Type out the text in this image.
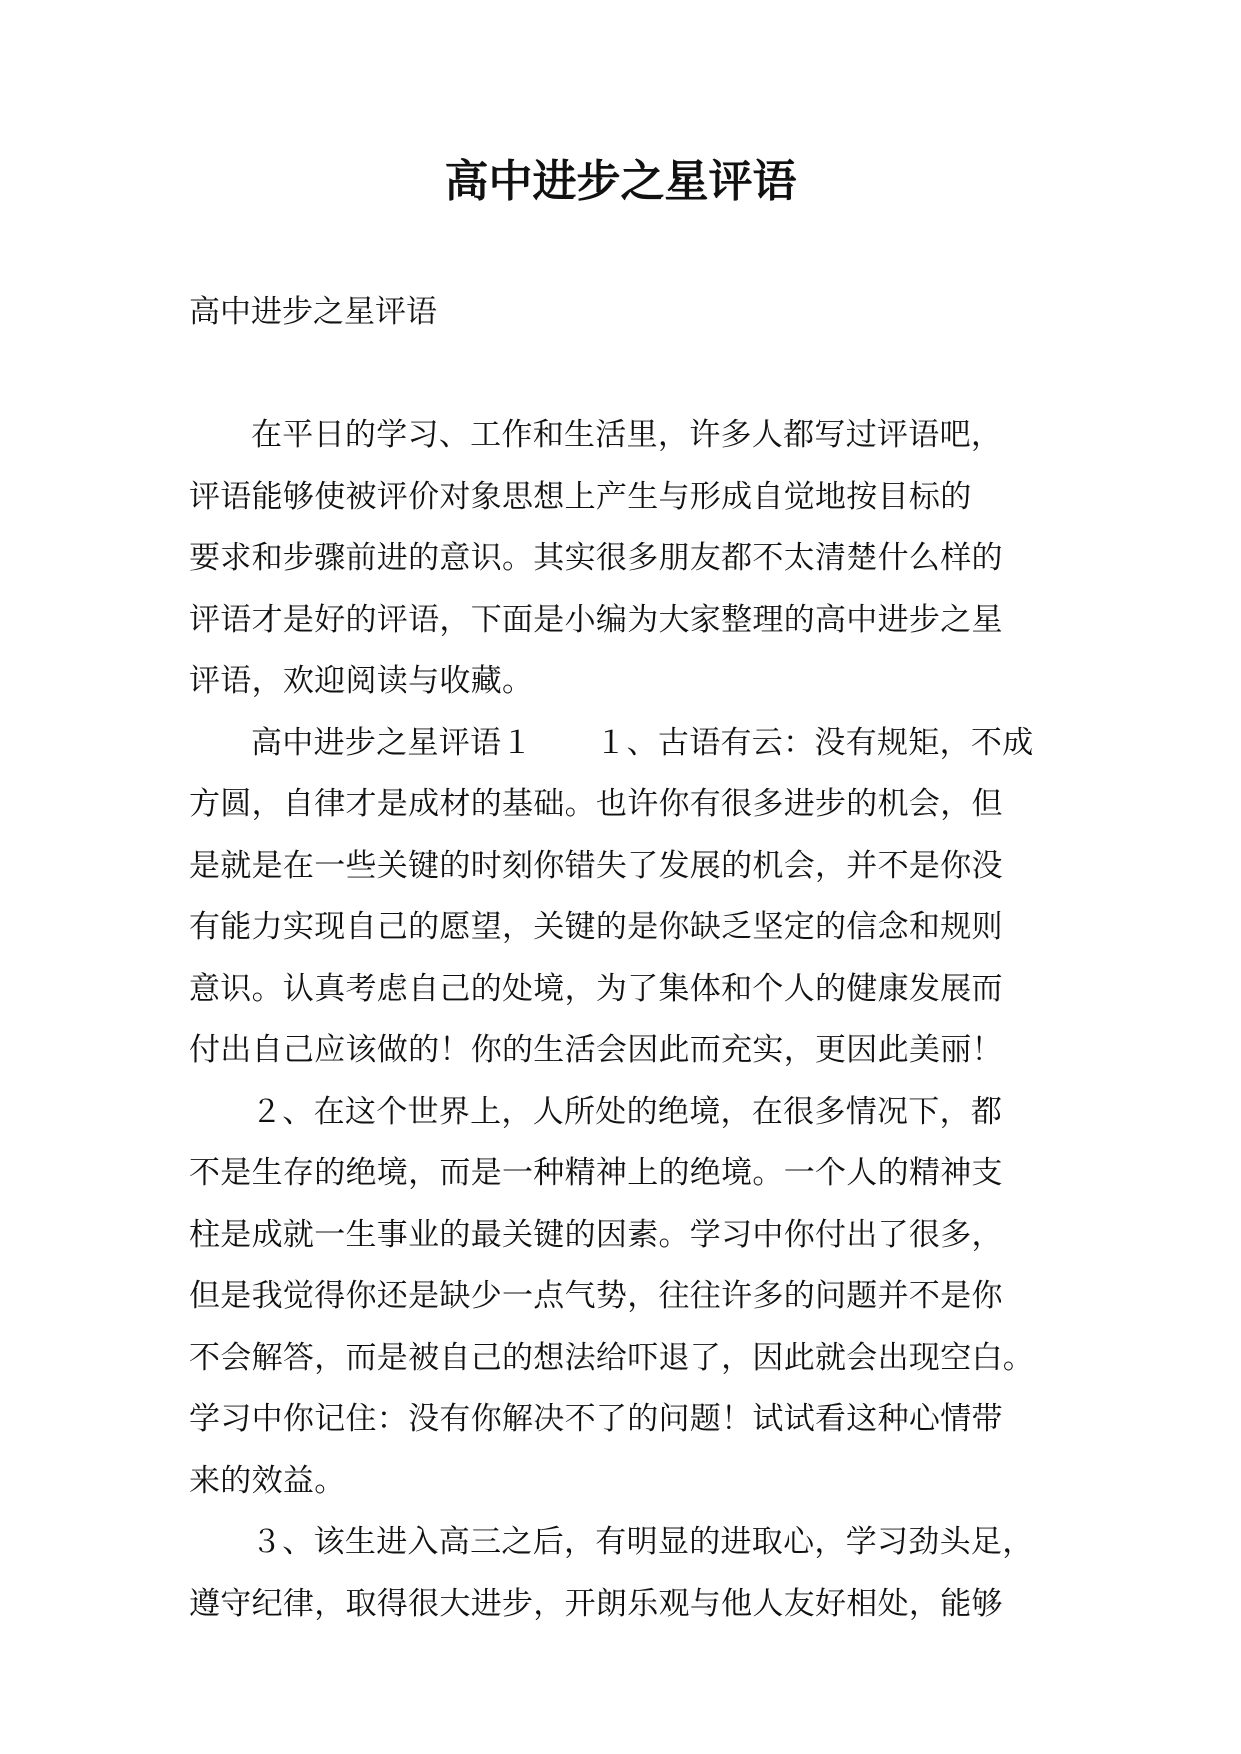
高中进步之星评语

高中进步之星评语

在平日的学习、工作和生活里，许多人都写过评语吧，
评语能够使被评价对象思想上产生与形成自觉地按目标的
要求和步骤前进的意识。其实很多朋友都不太清楚什么样的
评语才是好的评语，下面是小编为大家整理的高中进步之星
评语，欢迎阅读与收藏。
高中进步之星评语１　　１、古语有云：没有规矩，不成
方圆，自律才是成材的基础。也许你有很多进步的机会，但
是就是在一些关键的时刻你错失了发展的机会，并不是你没
有能力实现自己的愿望，关键的是你缺乏坚定的信念和规则
意识。认真考虑自己的处境，为了集体和个人的健康发展而
付出自己应该做的！你的生活会因此而充实，更因此美丽！
２、在这个世界上，人所处的绝境，在很多情况下，都
不是生存的绝境，而是一种精神上的绝境。一个人的精神支
柱是成就一生事业的最关键的因素。学习中你付出了很多，
但是我觉得你还是缺少一点气势，往往许多的问题并不是你
不会解答，而是被自己的想法给吓退了，因此就会出现空白。
学习中你记住：没有你解决不了的问题！试试看这种心情带
来的效益。
３、该生进入高三之后，有明显的进取心，学习劲头足，
遵守纪律，取得很大进步，开朗乐观与他人友好相处，能够
